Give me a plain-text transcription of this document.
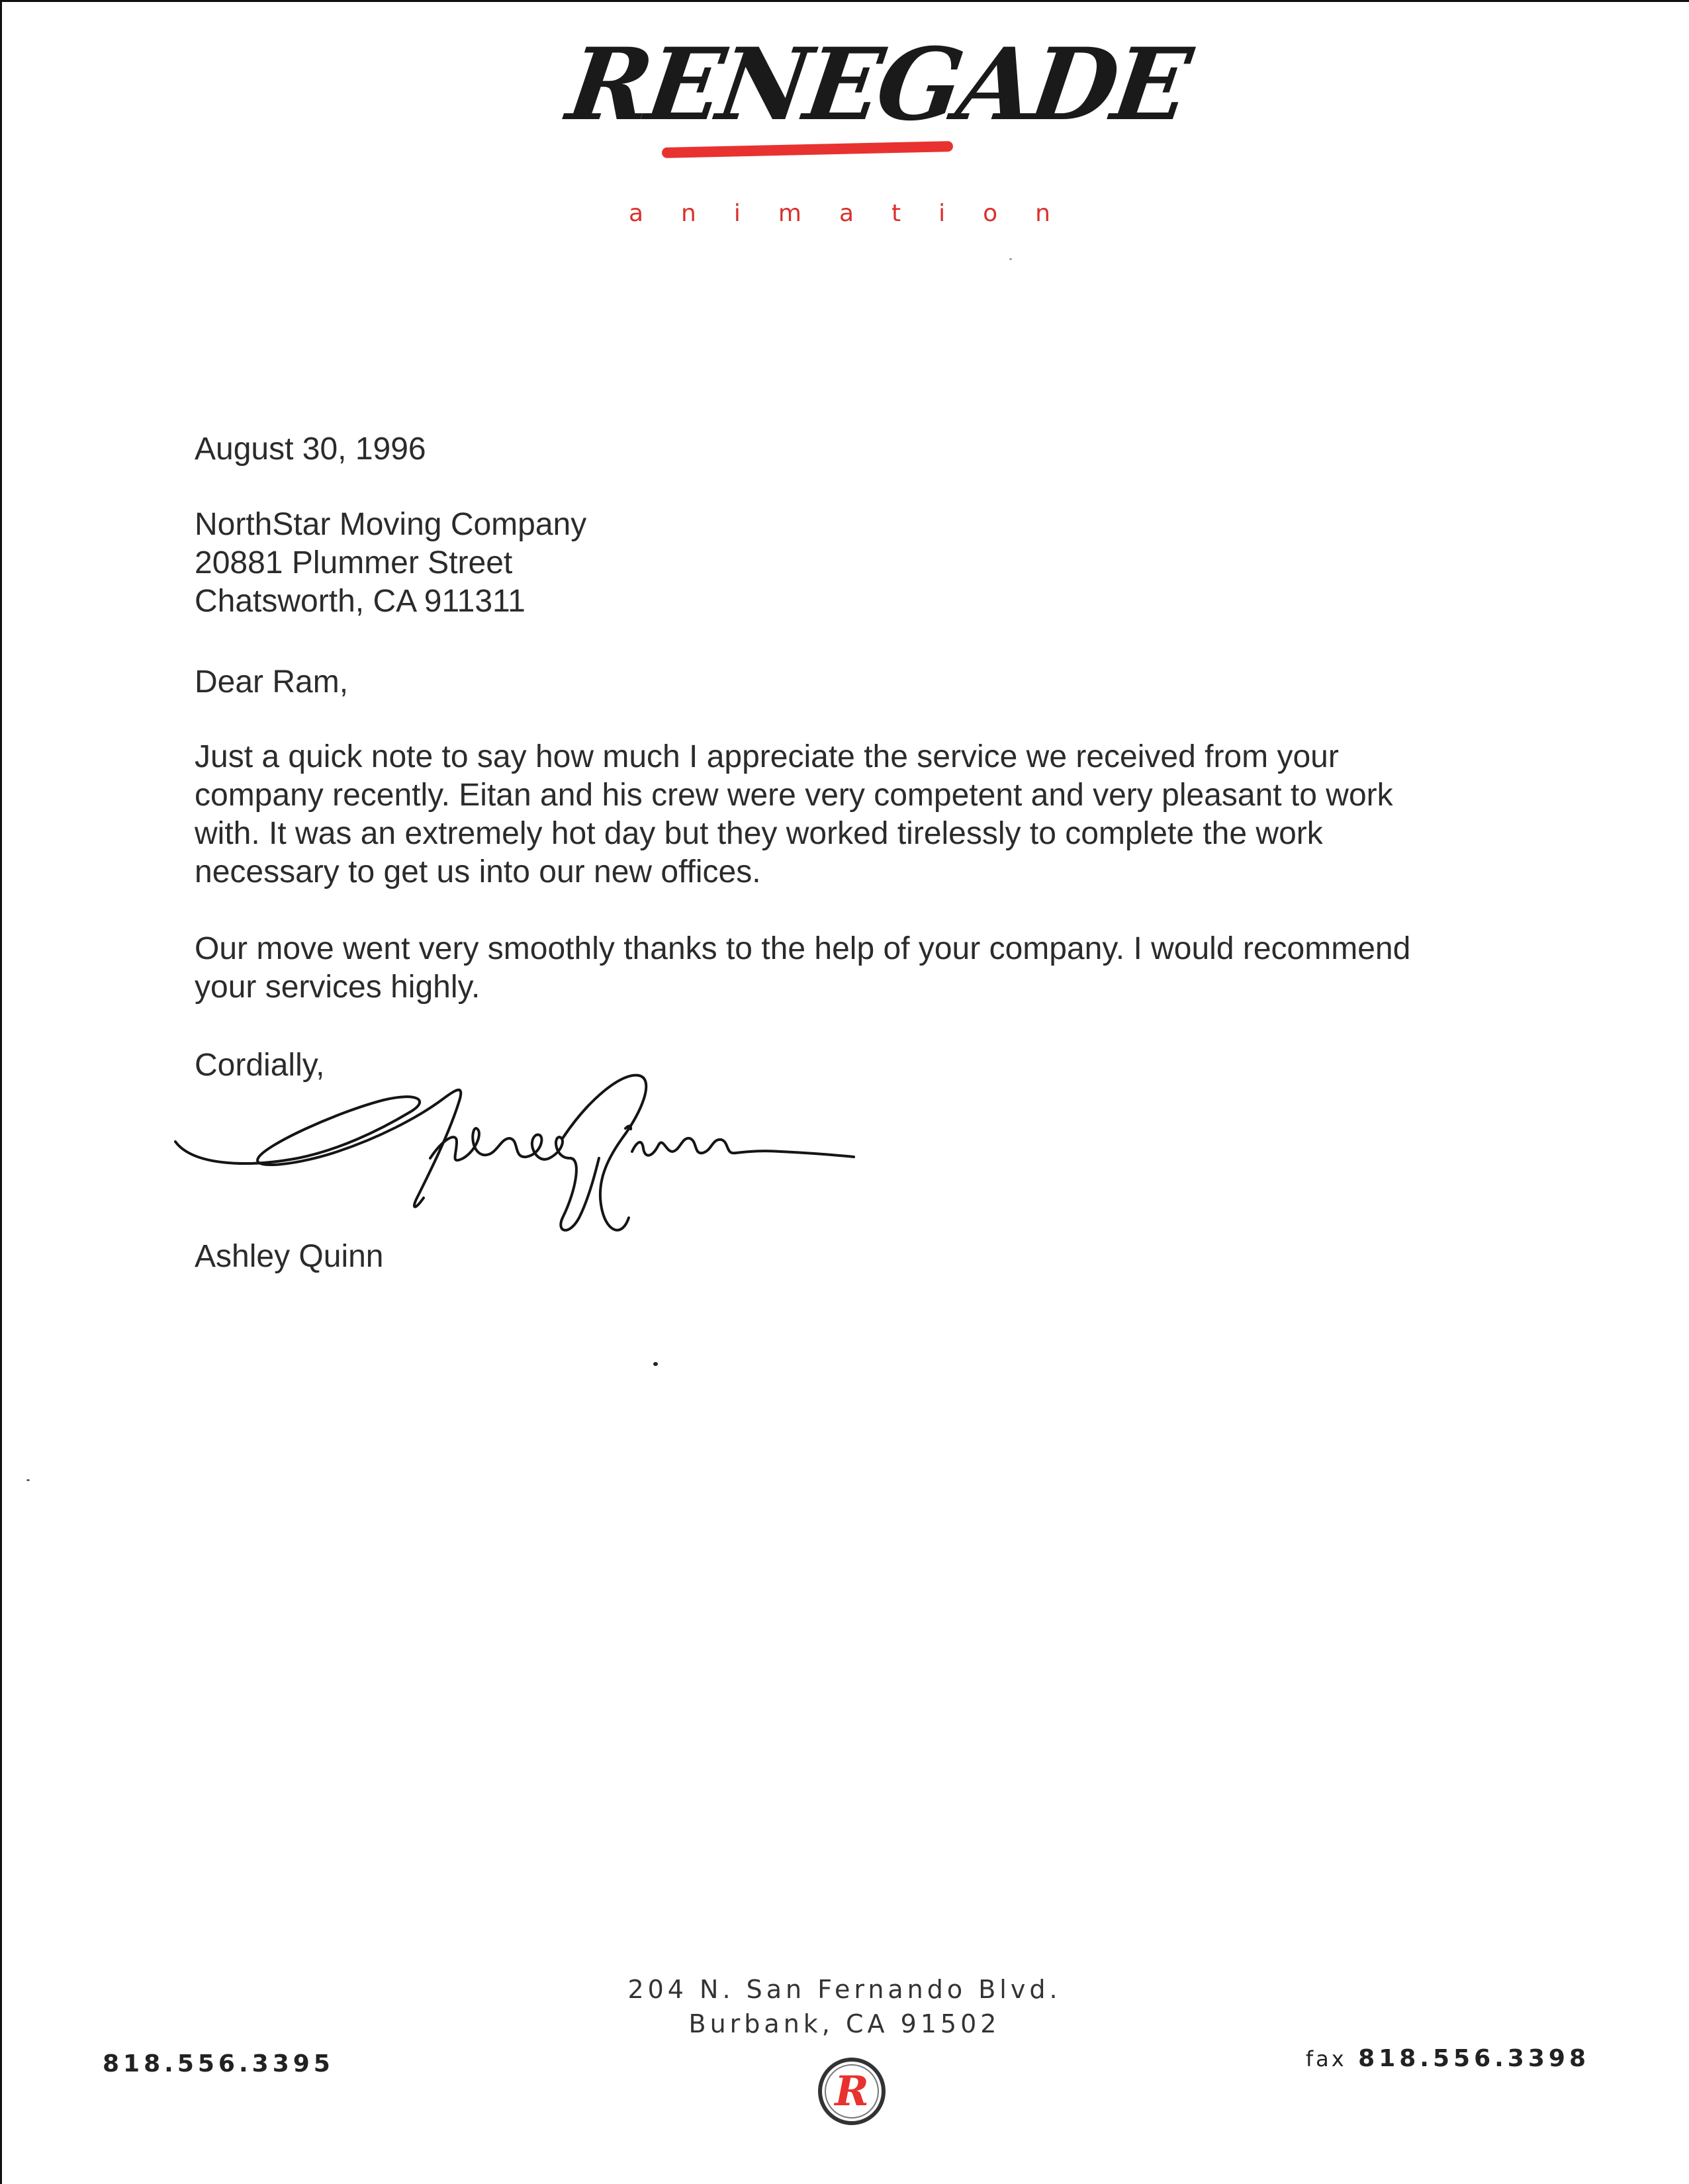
RENEGADE
animation
August 30, 1996
NorthStar Moving Company
20881 Plummer Street
Chatsworth, CA 911311
Dear Ram,
Just a quick note to say how much I appreciate the service we received from your
company recently. Eitan and his crew were very competent and very pleasant to work
with. It was an extremely hot day but they worked tirelessly to complete the work
necessary to get us into our new offices.
Our move went very smoothly thanks to the help of your company. I would recommend
your services highly.
Cordially,
Ashley Quinn
204 N. San Fernando Blvd.
Burbank, CA 91502
818.556.3395	fax 818.556.3398
R
